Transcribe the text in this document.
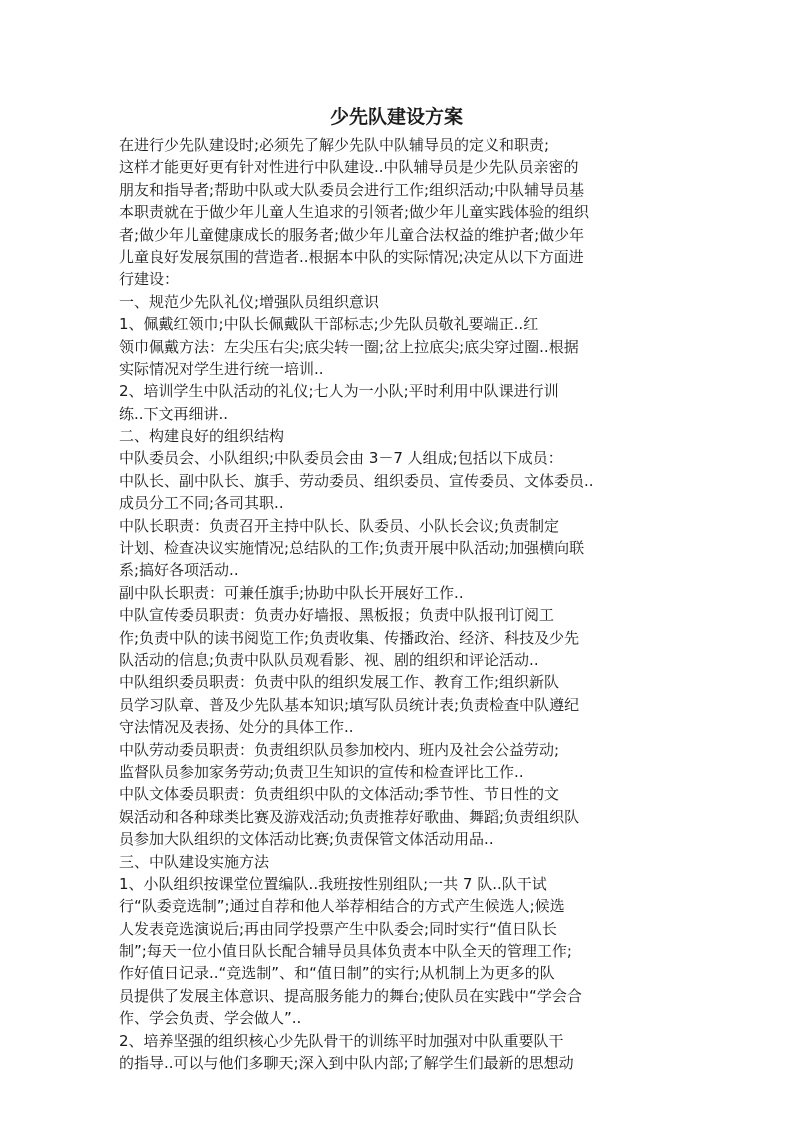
少先队建设方案
在进行少先队建设时;必须先了解少先队中队辅导员的定义和职责;
这样才能更好更有针对性进行中队建设..中队辅导员是少先队员亲密的
朋友和指导者;帮助中队或大队委员会进行工作;组织活动;中队辅导员基
本职责就在于做少年儿童人生追求的引领者;做少年儿童实践体验的组织
者;做少年儿童健康成长的服务者;做少年儿童合法权益的维护者;做少年
儿童良好发展氛围的营造者..根据本中队的实际情况;决定从以下方面进
行建设：
一、规范少先队礼仪;增强队员组织意识
1、佩戴红领巾;中队长佩戴队干部标志;少先队员敬礼要端正..红
领巾佩戴方法：左尖压右尖;底尖转一圈;岔上拉底尖;底尖穿过圈..根据
实际情况对学生进行统一培训..
2、培训学生中队活动的礼仪;七人为一小队;平时利用中队课进行训
练..下文再细讲..
二、构建良好的组织结构
中队委员会、小队组织;中队委员会由 3－7 人组成;包括以下成员：
中队长、副中队长、旗手、劳动委员、组织委员、宣传委员、文体委员..
成员分工不同;各司其职..
中队长职责：负责召开主持中队长、队委员、小队长会议;负责制定
计划、检查决议实施情况;总结队的工作;负责开展中队活动;加强横向联
系;搞好各项活动..
副中队长职责：可兼任旗手;协助中队长开展好工作..
中队宣传委员职责：负责办好墙报、黑板报；负责中队报刊订阅工
作;负责中队的读书阅览工作;负责收集、传播政治、经济、科技及少先
队活动的信息;负责中队队员观看影、视、剧的组织和评论活动..
中队组织委员职责：负责中队的组织发展工作、教育工作;组织新队
员学习队章、普及少先队基本知识;填写队员统计表;负责检查中队遵纪
守法情况及表扬、处分的具体工作..
中队劳动委员职责：负责组织队员参加校内、班内及社会公益劳动;
监督队员参加家务劳动;负责卫生知识的宣传和检查评比工作..
中队文体委员职责：负责组织中队的文体活动;季节性、节日性的文
娱活动和各种球类比赛及游戏活动;负责推荐好歌曲、舞蹈;负责组织队
员参加大队组织的文体活动比赛;负责保管文体活动用品..
三、中队建设实施方法
1、小队组织按课堂位置编队..我班按性别组队;一共 7 队..队干试
行“队委竞选制”;通过自荐和他人举荐相结合的方式产生候选人;候选
人发表竞选演说后;再由同学投票产生中队委会;同时实行“值日队长
制”;每天一位小值日队长配合辅导员具体负责本中队全天的管理工作;
作好值日记录..“竞选制”、和“值日制”的实行;从机制上为更多的队
员提供了发展主体意识、提高服务能力的舞台;使队员在实践中“学会合
作、学会负责、学会做人”..
2、培养坚强的组织核心少先队骨干的训练平时加强对中队重要队干
的指导..可以与他们多聊天;深入到中队内部;了解学生们最新的思想动
